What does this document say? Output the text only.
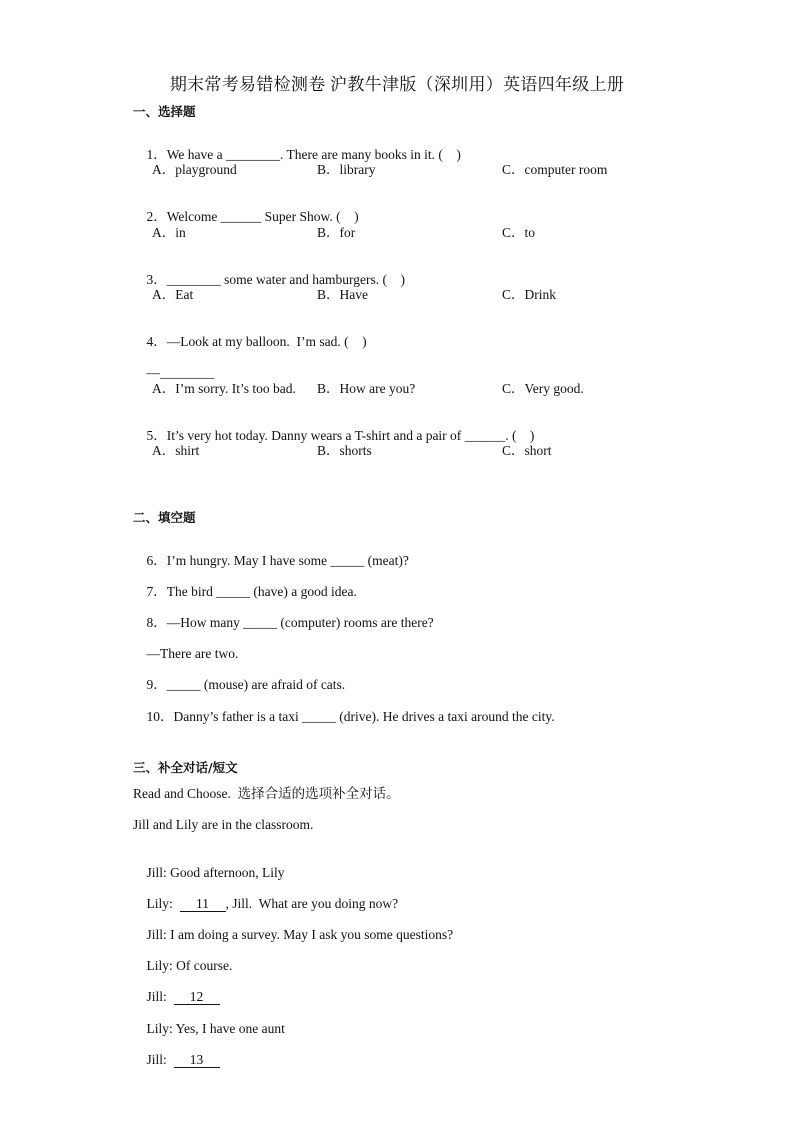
期末常考易错检测卷 沪教牛津版（深圳用）英语四年级上册
一、选择题

1．We have a ________. There are many books in it. (    )

A．playground	B．library	C．computer room

2．Welcome ______ Super Show. (    )

A．in	B．for	C．to

3．________ some water and hamburgers. (    )

A．Eat	B．Have	C．Drink

4．—Look at my balloon.  I’m sad. (    )

—________

A．I’m sorry. It’s too bad. B．How are you?	C．Very good.

5．It’s very hot today. Danny wears a T-shirt and a pair of ______. (    )

A．shirt	B．shorts	C．short
二、填空题

6．I’m hungry. May I have some _____ (meat)?

7．The bird _____ (have) a good idea.

8．—How many _____ (computer) rooms are there?

—There are two.

9．_____ (mouse) are afraid of cats.

10．Danny’s father is a taxi _____ (drive). He drives a taxi around the city.

三、补全对话/短文
Read and Choose.  选择合适的选项补全对话。
Jill and Lily are in the classroom.

Jill: Good afternoon, Lily

Lily: 11 , Jill.  What are you doing now?

Jill: I am doing a survey. May I ask you some questions?

Lily: Of course.

Jill: 12

Lily: Yes, I have one aunt

Jill: 13
